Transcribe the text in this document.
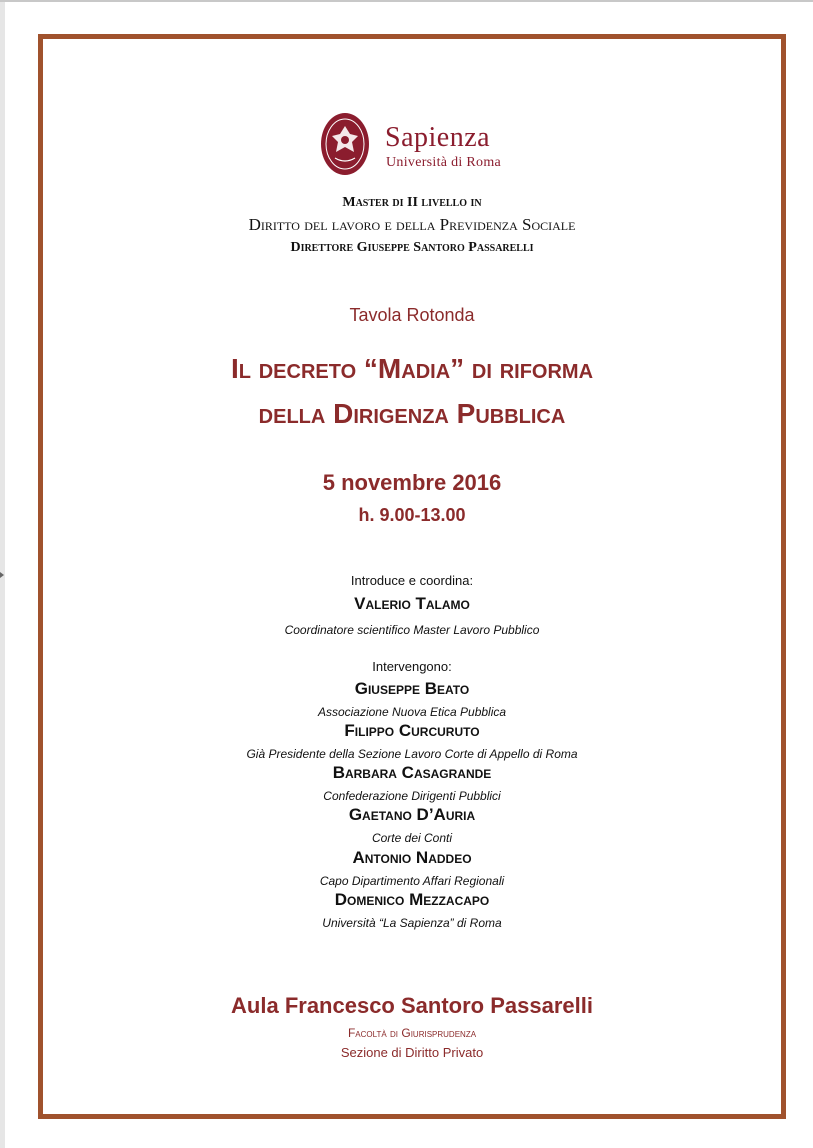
Sapienza
Università di Roma
Master di II livello in
Diritto del lavoro e della Previdenza Sociale
Direttore Giuseppe Santoro Passarelli
Tavola Rotonda
Il decreto “Madia” di riforma
della Dirigenza Pubblica
5 novembre 2016
h. 9.00-13.00
Introduce e coordina:
Valerio Talamo
Coordinatore scientifico Master Lavoro Pubblico
Intervengono:
Giuseppe Beato
Associazione Nuova Etica Pubblica
Filippo Curcuruto
Già Presidente della Sezione Lavoro Corte di Appello di Roma
Barbara Casagrande
Confederazione Dirigenti Pubblici
Gaetano D’Auria
Corte dei Conti
Antonio Naddeo
Capo Dipartimento Affari Regionali
Domenico Mezzacapo
Università “La Sapienza” di Roma
Aula Francesco Santoro Passarelli
Facoltà di Giurisprudenza
Sezione di Diritto Privato
